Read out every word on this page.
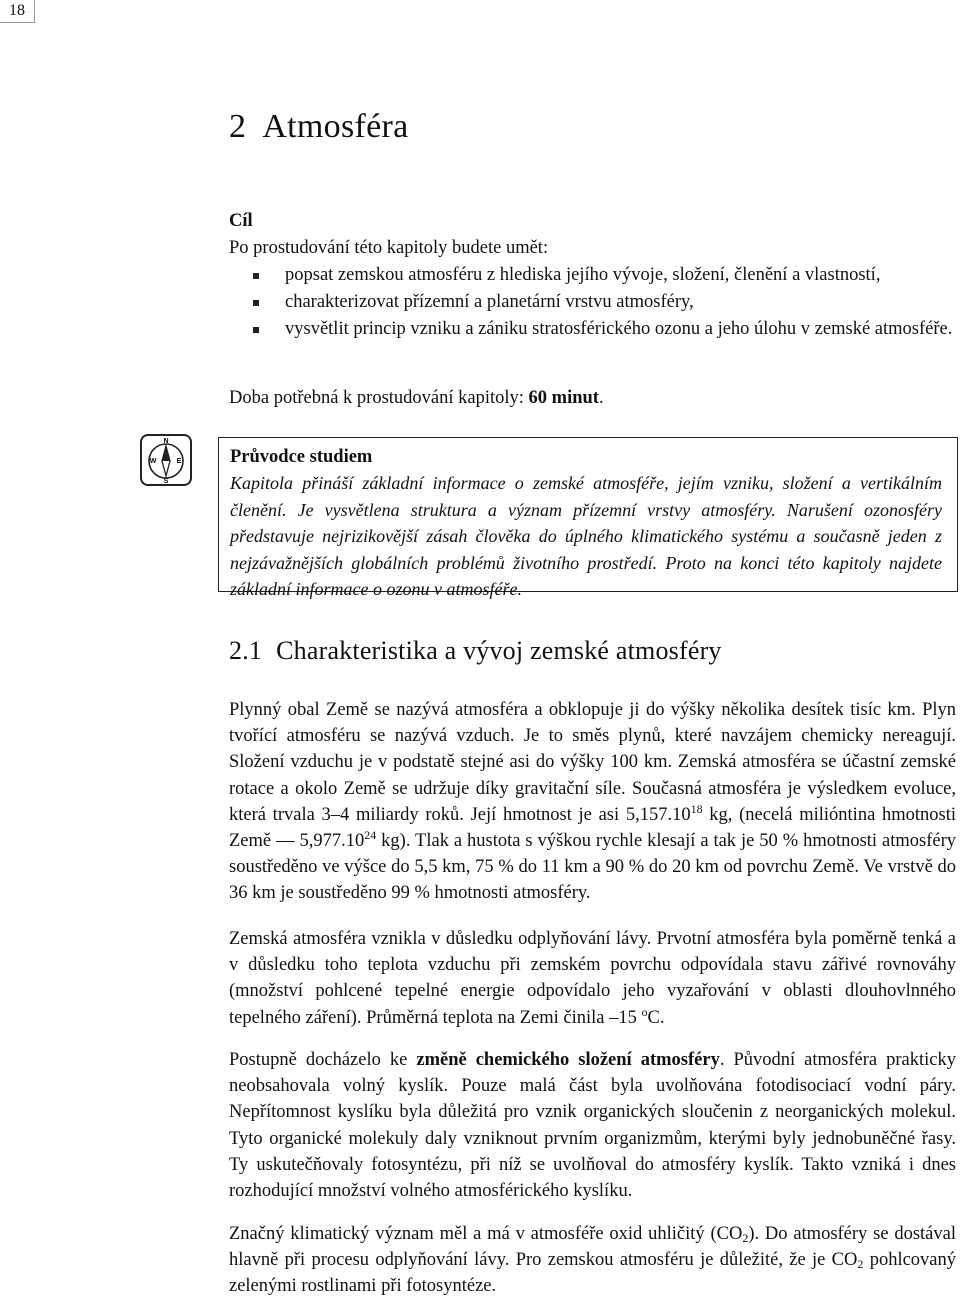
18
2 Atmosféra
Cíl
Po prostudování této kapitoly budete umět:
popsat zemskou atmosféru z hlediska jejího vývoje, složení, členění a vlastností,
charakterizovat přízemní a planetární vrstvu atmosféry,
vysvětlit princip vzniku a zániku stratosférického ozonu a jeho úlohu v zemské atmosféře.
Doba potřebná k prostudování kapitoly: 60 minut.
N
W	E
S
Průvodce studiem
Kapitola přináší základní informace o zemské atmosféře, jejím vzniku, složení a vertikálním členění. Je vysvětlena struktura a význam přízemní vrstvy atmosféry. Narušení ozonosféry představuje nejrizikovější zásah člověka do úplného klimatického systému a současně jeden z nejzávažnějších globálních problémů životního prostředí. Proto na konci této kapitoly najdete základní informace o ozonu v atmosféře.
2.1 Charakteristika a vývoj zemské atmosféry

Plynný obal Země se nazývá atmosféra a obklopuje ji do výšky několika desítek tisíc km. Plyn tvořící atmosféru se nazývá vzduch. Je to směs plynů, které navzájem chemicky nereagují. Složení vzduchu je v podstatě stejné asi do výšky 100 km. Zemská atmosféra se účastní zemské rotace a okolo Země se udržuje díky gravitační síle. Současná atmosféra je výsledkem evoluce, která trvala 3–4 miliardy roků. Její hmotnost je asi 5,157.10$^{18}$ kg, (necelá milióntina hmotnosti Země — 5,977.10$^{24}$ kg). Tlak a hustota s výškou rychle klesají a tak je 50 % hmotnosti atmosféry soustředěno ve výšce do 5,5 km, 75 % do 11 km a 90 % do 20 km od povrchu Země. Ve vrstvě do 36 km je soustředěno 99 % hmotnosti atmosféry.

Zemská atmosféra vznikla v důsledku odplyňování lávy. Prvotní atmosféra byla poměrně tenká a v důsledku toho teplota vzduchu při zemském povrchu odpovídala stavu zářivé rovnováhy (množství pohlcené tepelné energie odpovídalo jeho vyzařování v oblasti dlouhovlnného tepelného záření). Průměrná teplota na Zemi činila –15 $^o$C.

Postupně docházelo ke změně chemického složení atmosféry. Původní atmosféra prakticky neobsahovala volný kyslík. Pouze malá část byla uvolňována fotodisociací vodní páry. Nepřítomnost kyslíku byla důležitá pro vznik organických sloučenin z neorganických molekul. Tyto organické molekuly daly vzniknout prvním organizmům, kterými byly jednobuněčné řasy. Ty uskutečňovaly fotosyntézu, při níž se uvolňoval do atmosféry kyslík. Takto vzniká i dnes rozhodující množství volného atmosférického kyslíku.

Značný klimatický význam měl a má v atmosféře oxid uhličitý $(CO_2)$. Do atmosféry se dostával hlavně při procesu odplyňování lávy. Pro zemskou atmosféru je důležité, že je $CO_2$ pohlcovaný zelenými rostlinami při fotosyntéze.
